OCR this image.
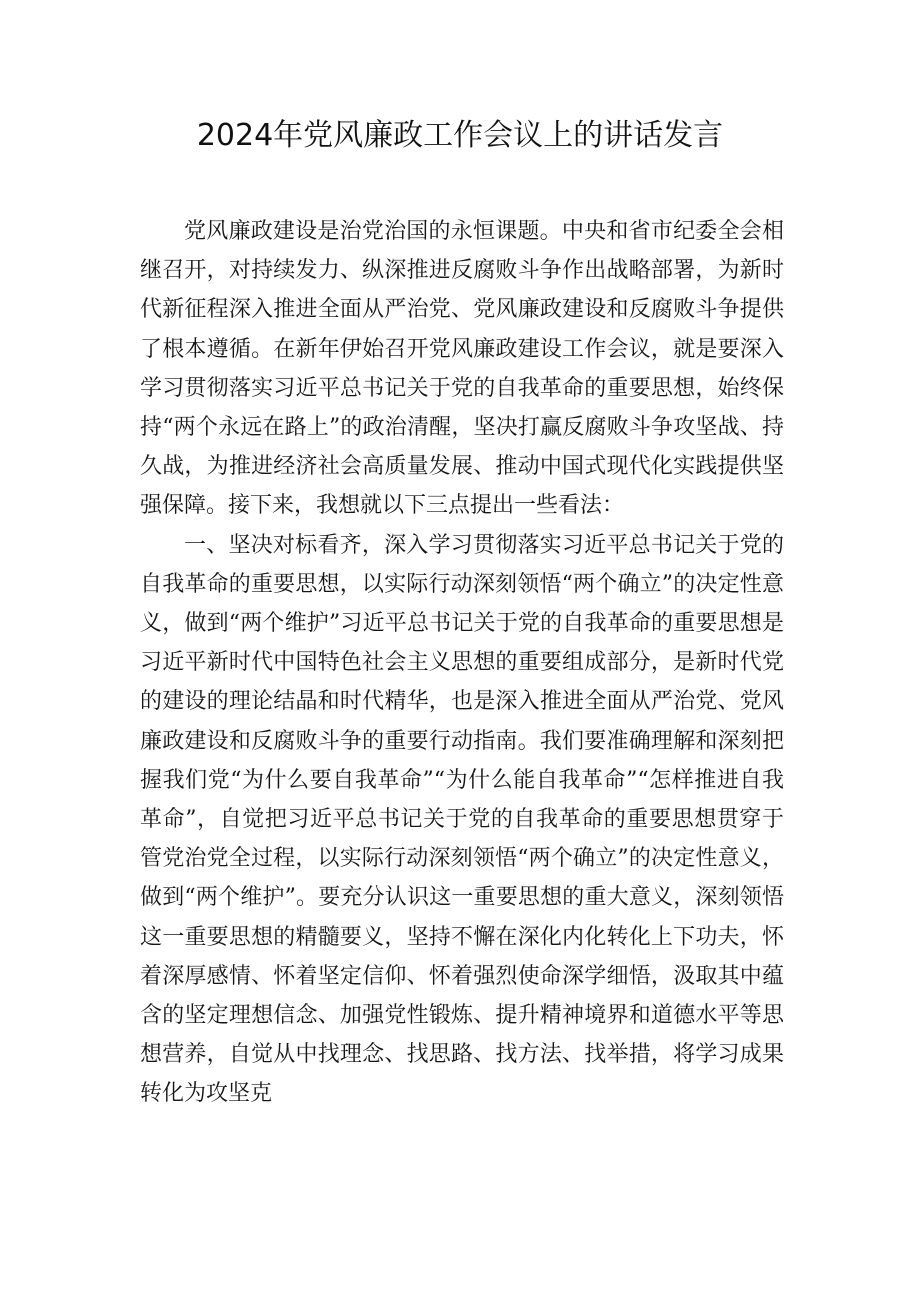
2024年党风廉政工作会议上的讲话发言

党风廉政建设是治党治国的永恒课题。中央和省市纪委全会相继召开，对持续发力、纵深推进反腐败斗争作出战略部署，为新时代新征程深入推进全面从严治党、党风廉政建设和反腐败斗争提供了根本遵循。在新年伊始召开党风廉政建设工作会议，就是要深入学习贯彻落实习近平总书记关于党的自我革命的重要思想，始终保持“两个永远在路上”的政治清醒，坚决打赢反腐败斗争攻坚战、持久战，为推进经济社会高质量发展、推动中国式现代化实践提供坚强保障。接下来，我想就以下三点提出一些看法：

一、坚决对标看齐，深入学习贯彻落实习近平总书记关于党的自我革命的重要思想，以实际行动深刻领悟“两个确立”的决定性意义，做到“两个维护”习近平总书记关于党的自我革命的重要思想是习近平新时代中国特色社会主义思想的重要组成部分，是新时代党的建设的理论结晶和时代精华，也是深入推进全面从严治党、党风廉政建设和反腐败斗争的重要行动指南。我们要准确理解和深刻把握我们党“为什么要自我革命”“为什么能自我革命”“怎样推进自我革命”，自觉把习近平总书记关于党的自我革命的重要思想贯穿于管党治党全过程，以实际行动深刻领悟“两个确立”的决定性意义，做到“两个维护”。要充分认识这一重要思想的重大意义，深刻领悟这一重要思想的精髓要义，坚持不懈在深化内化转化上下功夫，怀着深厚感情、怀着坚定信仰、怀着强烈使命深学细悟，汲取其中蕴含的坚定理想信念、加强党性锻炼、提升精神境界和道德水平等思想营养，自觉从中找理念、找思路、找方法、找举措，将学习成果转化为攻坚克
